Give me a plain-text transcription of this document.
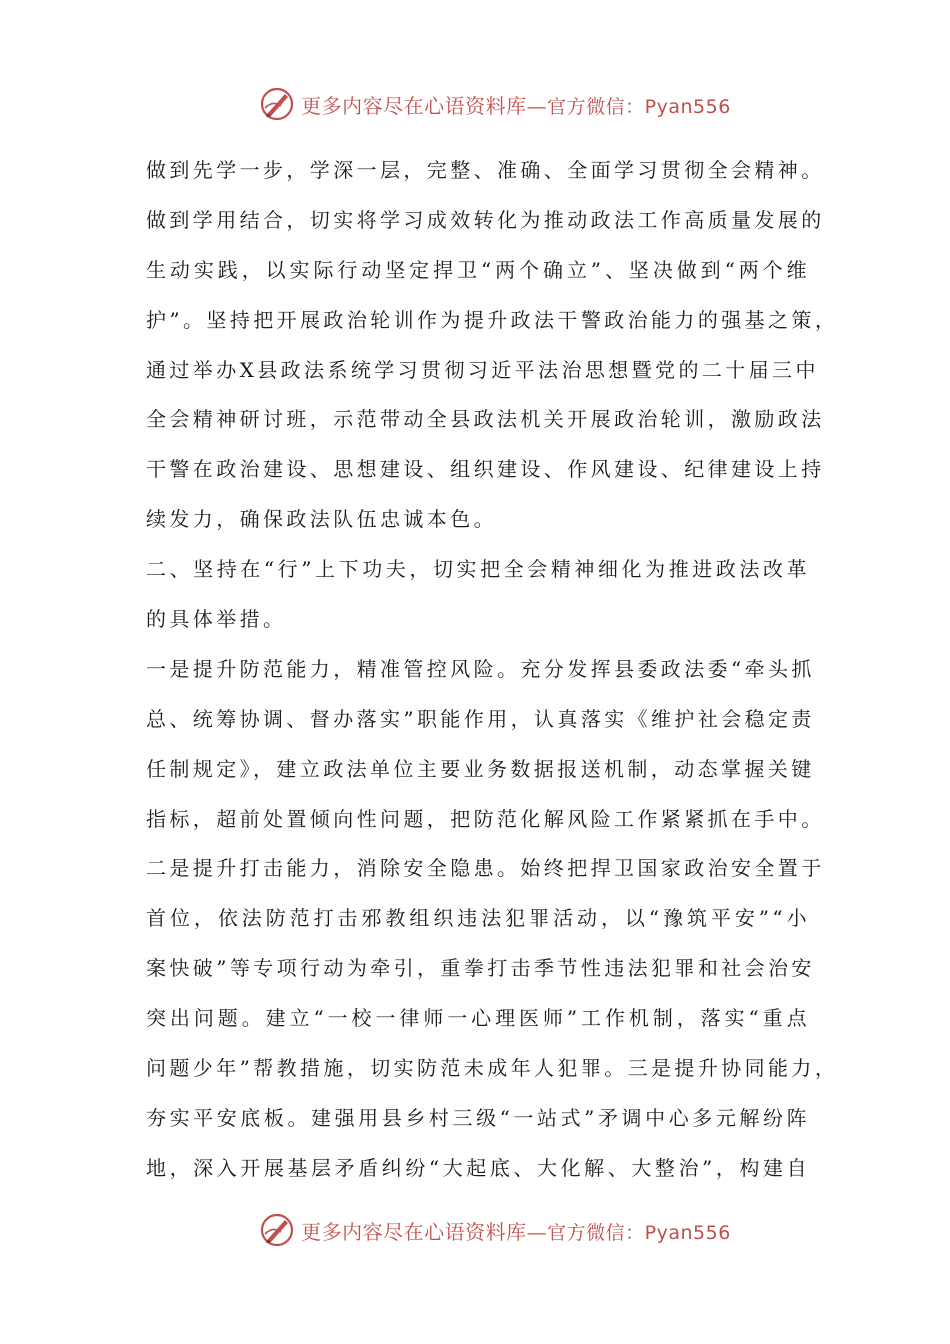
更多内容尽在心语资料库—官方微信：Pyan556
做到先学一步，学深一层，完整、准确、全面学习贯彻全会精神。
做到学用结合，切实将学习成效转化为推动政法工作高质量发展的
生动实践，以实际行动坚定捍卫“两个确立”、坚决做到“两个维
护”。坚持把开展政治轮训作为提升政法干警政治能力的强基之策，
通过举办X县政法系统学习贯彻习近平法治思想暨党的二十届三中
全会精神研讨班，示范带动全县政法机关开展政治轮训，激励政法
干警在政治建设、思想建设、组织建设、作风建设、纪律建设上持
续发力，确保政法队伍忠诚本色。
二、坚持在“行”上下功夫，切实把全会精神细化为推进政法改革
的具体举措。
一是提升防范能力，精准管控风险。充分发挥县委政法委“牵头抓
总、统筹协调、督办落实”职能作用，认真落实《维护社会稳定责
任制规定》，建立政法单位主要业务数据报送机制，动态掌握关键
指标，超前处置倾向性问题，把防范化解风险工作紧紧抓在手中。
二是提升打击能力，消除安全隐患。始终把捍卫国家政治安全置于
首位，依法防范打击邪教组织违法犯罪活动，以“豫筑平安”“小
案快破”等专项行动为牵引，重拳打击季节性违法犯罪和社会治安
突出问题。建立“一校一律师一心理医师”工作机制，落实“重点
问题少年”帮教措施，切实防范未成年人犯罪。三是提升协同能力，
夯实平安底板。建强用县乡村三级“一站式”矛调中心多元解纷阵
地，深入开展基层矛盾纠纷“大起底、大化解、大整治”，构建自
更多内容尽在心语资料库—官方微信：Pyan556
